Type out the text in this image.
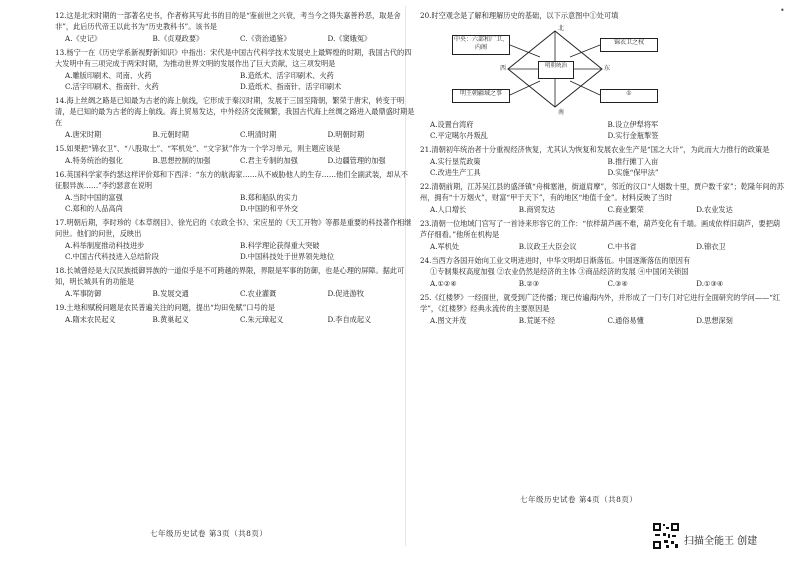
•

12.这是北宋时期的一部著名史书，作者称其写此书的目的是“鉴前世之兴衰，考当今之得失嘉善矜恶，取是舍非”，此后历代帝王以此书为“历史教科书”。该书是

A.《史记》	B.《贞观政要》	C.《资治通鉴》	D.《窦娥冤》

13.杨宁一在《历史学系新视野新知识》中指出：宋代是中国古代科学技术发展史上最辉煌的时期，我国古代的四大发明中有三项完成于两宋时期，为推动世界文明的发展作出了巨大贡献，这三项发明是

A.雕版印刷术、司南、火药	B.造纸术、活字印刷术、火药
C.活字印刷术、指南针、火药	D.造纸术、指南针、活字印刷术

14.海上丝绸之路是已知最为古老的海上航线，它形成于秦汉时期，发展于三国至隋朝，繁荣于唐宋，转变于明清，是已知的最为古老的海上航线。海上贸易发达，中外经济交流频繁，我国古代海上丝绸之路进入最鼎盛时期是在

A.唐宋时期	B.元朝时期	C.明清时期	D.明朝时期

15.如果把“锦衣卫”、“八股取士”、“军机处”、“文字狱”作为一个学习单元，则主题应该是

A.特务统治的强化	B.思想控制的加强	C.君主专制的加强	D.边疆管理的加强

16.英国科学家李约瑟这样评价郑和下西洋：“东方的航海家……从不威胁他人的生存……他们全副武装，却从不征服异族……”李约瑟意在说明

A.当时中国的富强	B.郑和船队的实力
C.郑和的人品高尚	D.中国的和平外交

17.明朝后期，李时珍的《本草纲目》、徐光启的《农政全书》、宋应星的《天工开物》等都是重要的科技著作相继问世。他们的问世，反映出

A.科举制度推动科技进步	B.科学理论获得重大突破
C.中国古代科技进入总结阶段	D.中国科技处于世界领先地位

18.长城曾经是大汉民族抵御异族的一道似乎是不可跨越的界限，界限是军事的防御，也是心理的屏障。据此可知，明长城具有的功能是

A.军事防御	B.发展交通	C.农业灌溉	D.促进游牧

19.土地和赋税问题是农民普遍关注的问题，提出“均田免赋”口号的是

A.隋末农民起义	B.黄巢起义	C.朱元璋起义	D.李自成起义
七年级历史试卷 第3页（共8页）

20.时空观念是了解和理解历史的基础，以下示意图中①处可填

中央：六部和厂卫、内阁
锦衣卫之权
明王朝疆域之事	①
明朝统治
北
南
东
西
A.设置台湾府	B.设立伊犁将军
C.平定噶尔丹叛乱	D.实行金瓶掣签

21.清朝初年统治者十分重视经济恢复，尤其认为恢复和发展农业生产是“国之大计”，为此而大力推行的政策是

A.实行垦荒政策	B.推行摊丁入亩
C.改进生产工具	D.实施“保甲法”

22.清朝前期，江苏吴江县的盛泽镇“舟楫塞港，街道肩摩”，邻近的汉口“人烟数十里，贾户数千家”；乾隆年间的苏州，拥有“十万烟火”，财富“甲于天下”，有的地区“地值千金”。材料反映了当时

A.人口增长	B.商贸发达	C.商业繁荣	D.农业发达

23.清朝一位地域门官写了一首诗来形容它的工作：“依样葫芦画不难，葫芦变化有千端。画成依样旧葫芦，要把葫芦仔细看。”他所在机构是

A.军机处	B.议政王大臣会议	C.中书省	D.锦衣卫

24.当西方各国开始向工业文明进进时，中华文明却日渐落伍。中国逐渐落伍的原因有

①专制集权高度加强 ②农业仍然是经济的主体 ③商品经济的发展 ④中国闭关锁国

A.①②④	B.②③	C.③④	D.①③④

25.《红楼梦》一经面世，就受到广泛传播；现已传遍海内外，并形成了一门专门对它进行全面研究的学问——“红学”，《红楼梦》经典永流传的主要原因是

A.图文并茂	B.荒诞不经	C.通俗易懂	D.思想深刻
七年级历史试卷 第4页（共8页）
扫描全能王 创建
